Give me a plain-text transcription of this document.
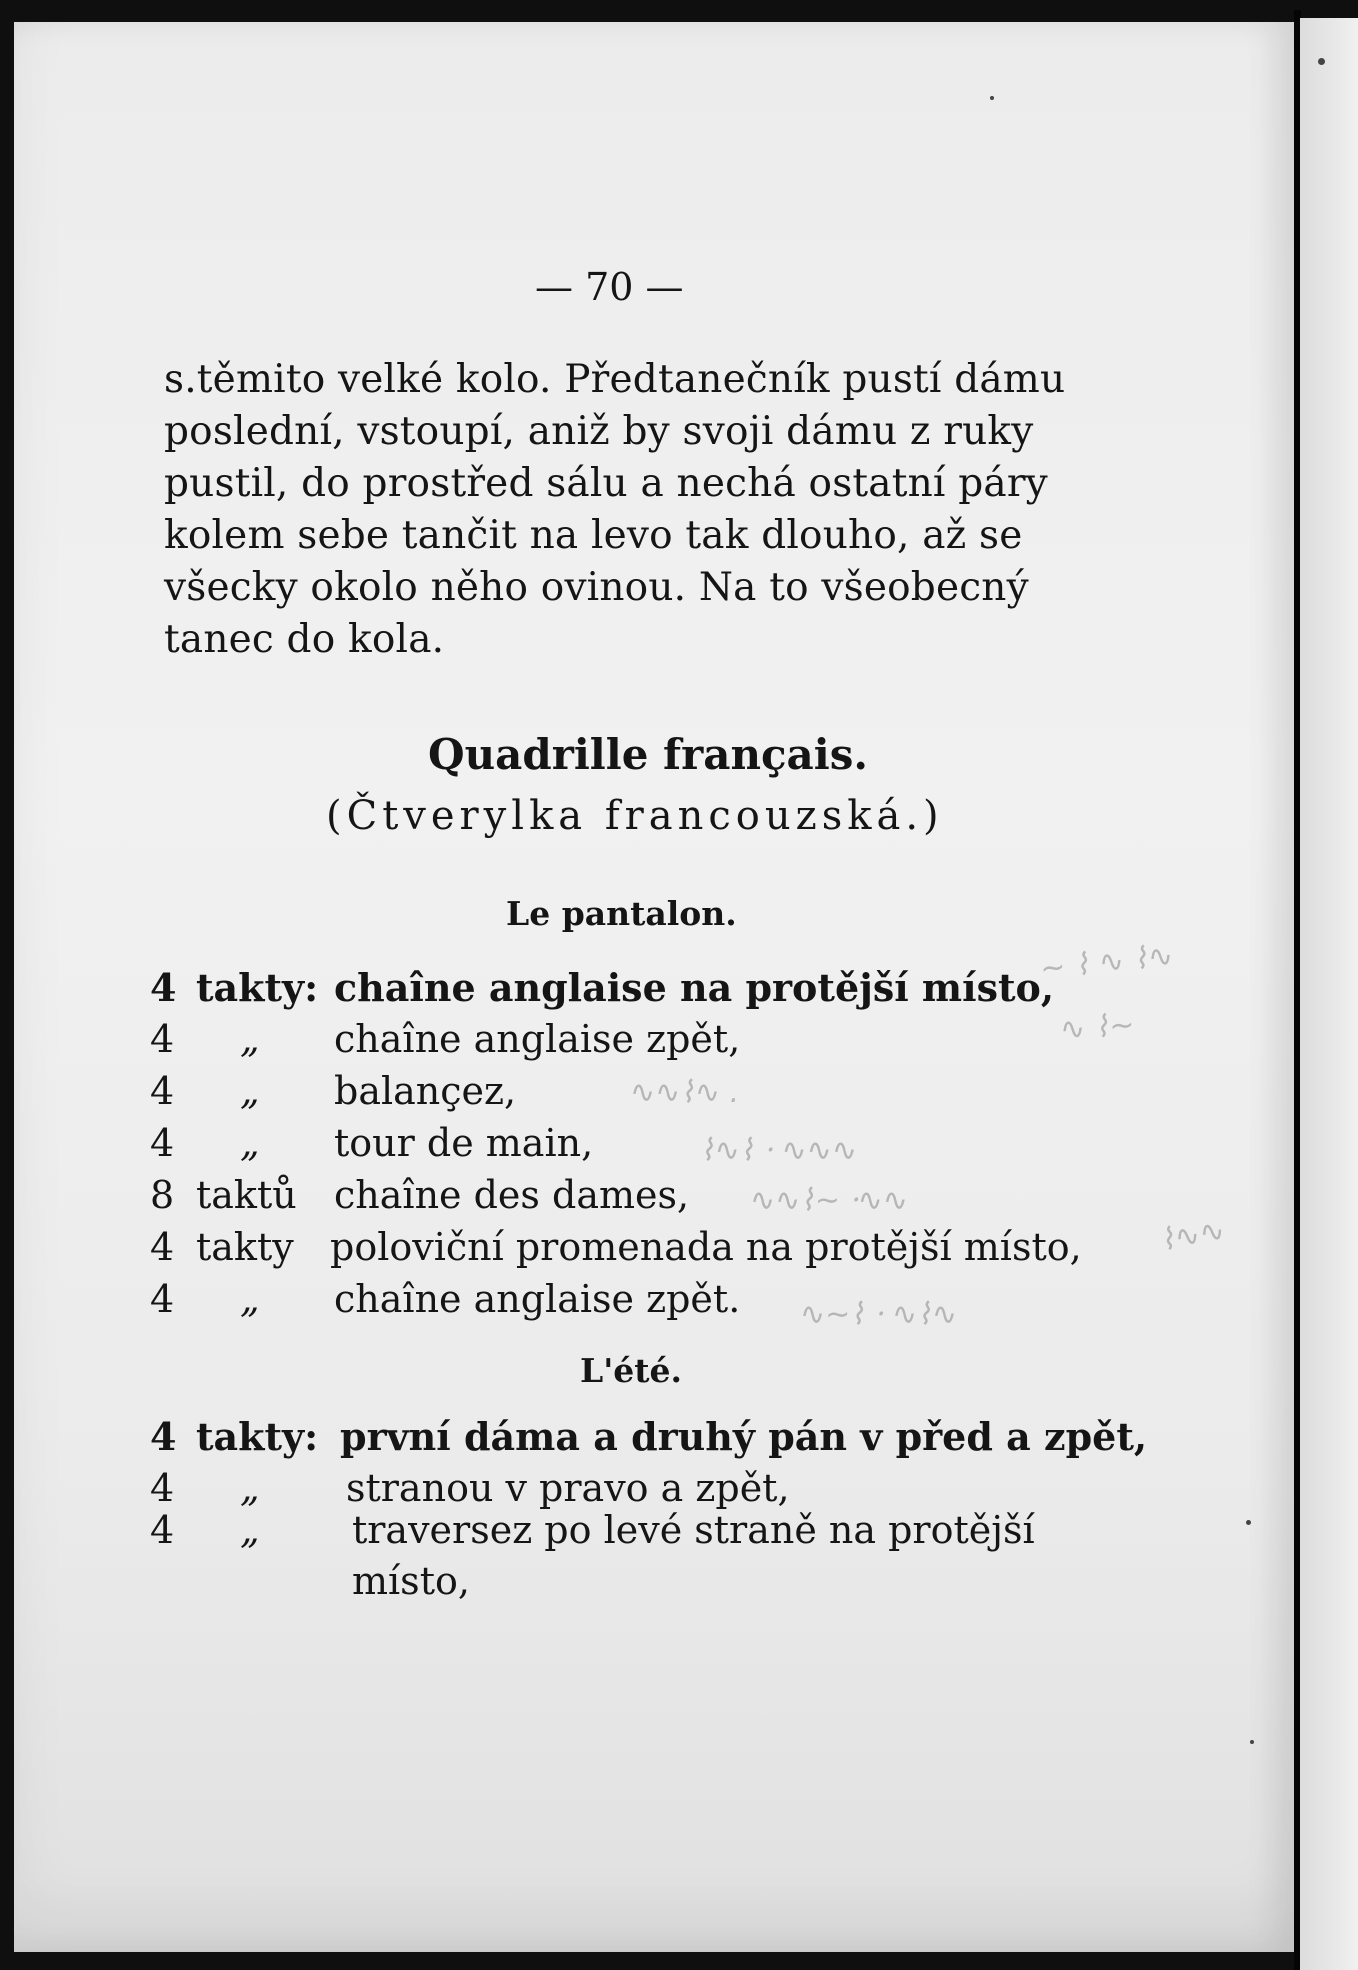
— 70 —
s.těmito velké kolo. Předtanečník pustí dámu
poslední, vstoupí, aniž by svoji dámu z ruky
pustil, do prostřed sálu a nechá ostatní páry
kolem sebe tančit na levo tak dlouho, až se
všecky okolo něho ovinou. Na to všeobecný
tanec do kola.
Quadrille français.
(Čtverylka francouzská.)
Le pantalon.
4 takty: chaîne anglaise na protější místo,
4 „ chaîne anglaise zpět,
4 „ balançez,
4 „ tour de main,
8 taktů chaîne des dames,
4 takty poloviční promenada na protější místo,
4 „ chaîne anglaise zpět.
L'été.
4 takty: první dáma a druhý pán v před a zpět,
4 „ stranou v pravo a zpět,
4 „ traversez po levé straně na protější
místo,
~ ⌇ ∿ ⌇∿
∿ ⌇∼
∿∿⌇∿ .
⌇∿⌇ ⸱ ∿∿∿
∿∿⌇∼ ⸱∿∿
⌇∿∿
∿∼⌇ ⸱ ∿⌇∿
